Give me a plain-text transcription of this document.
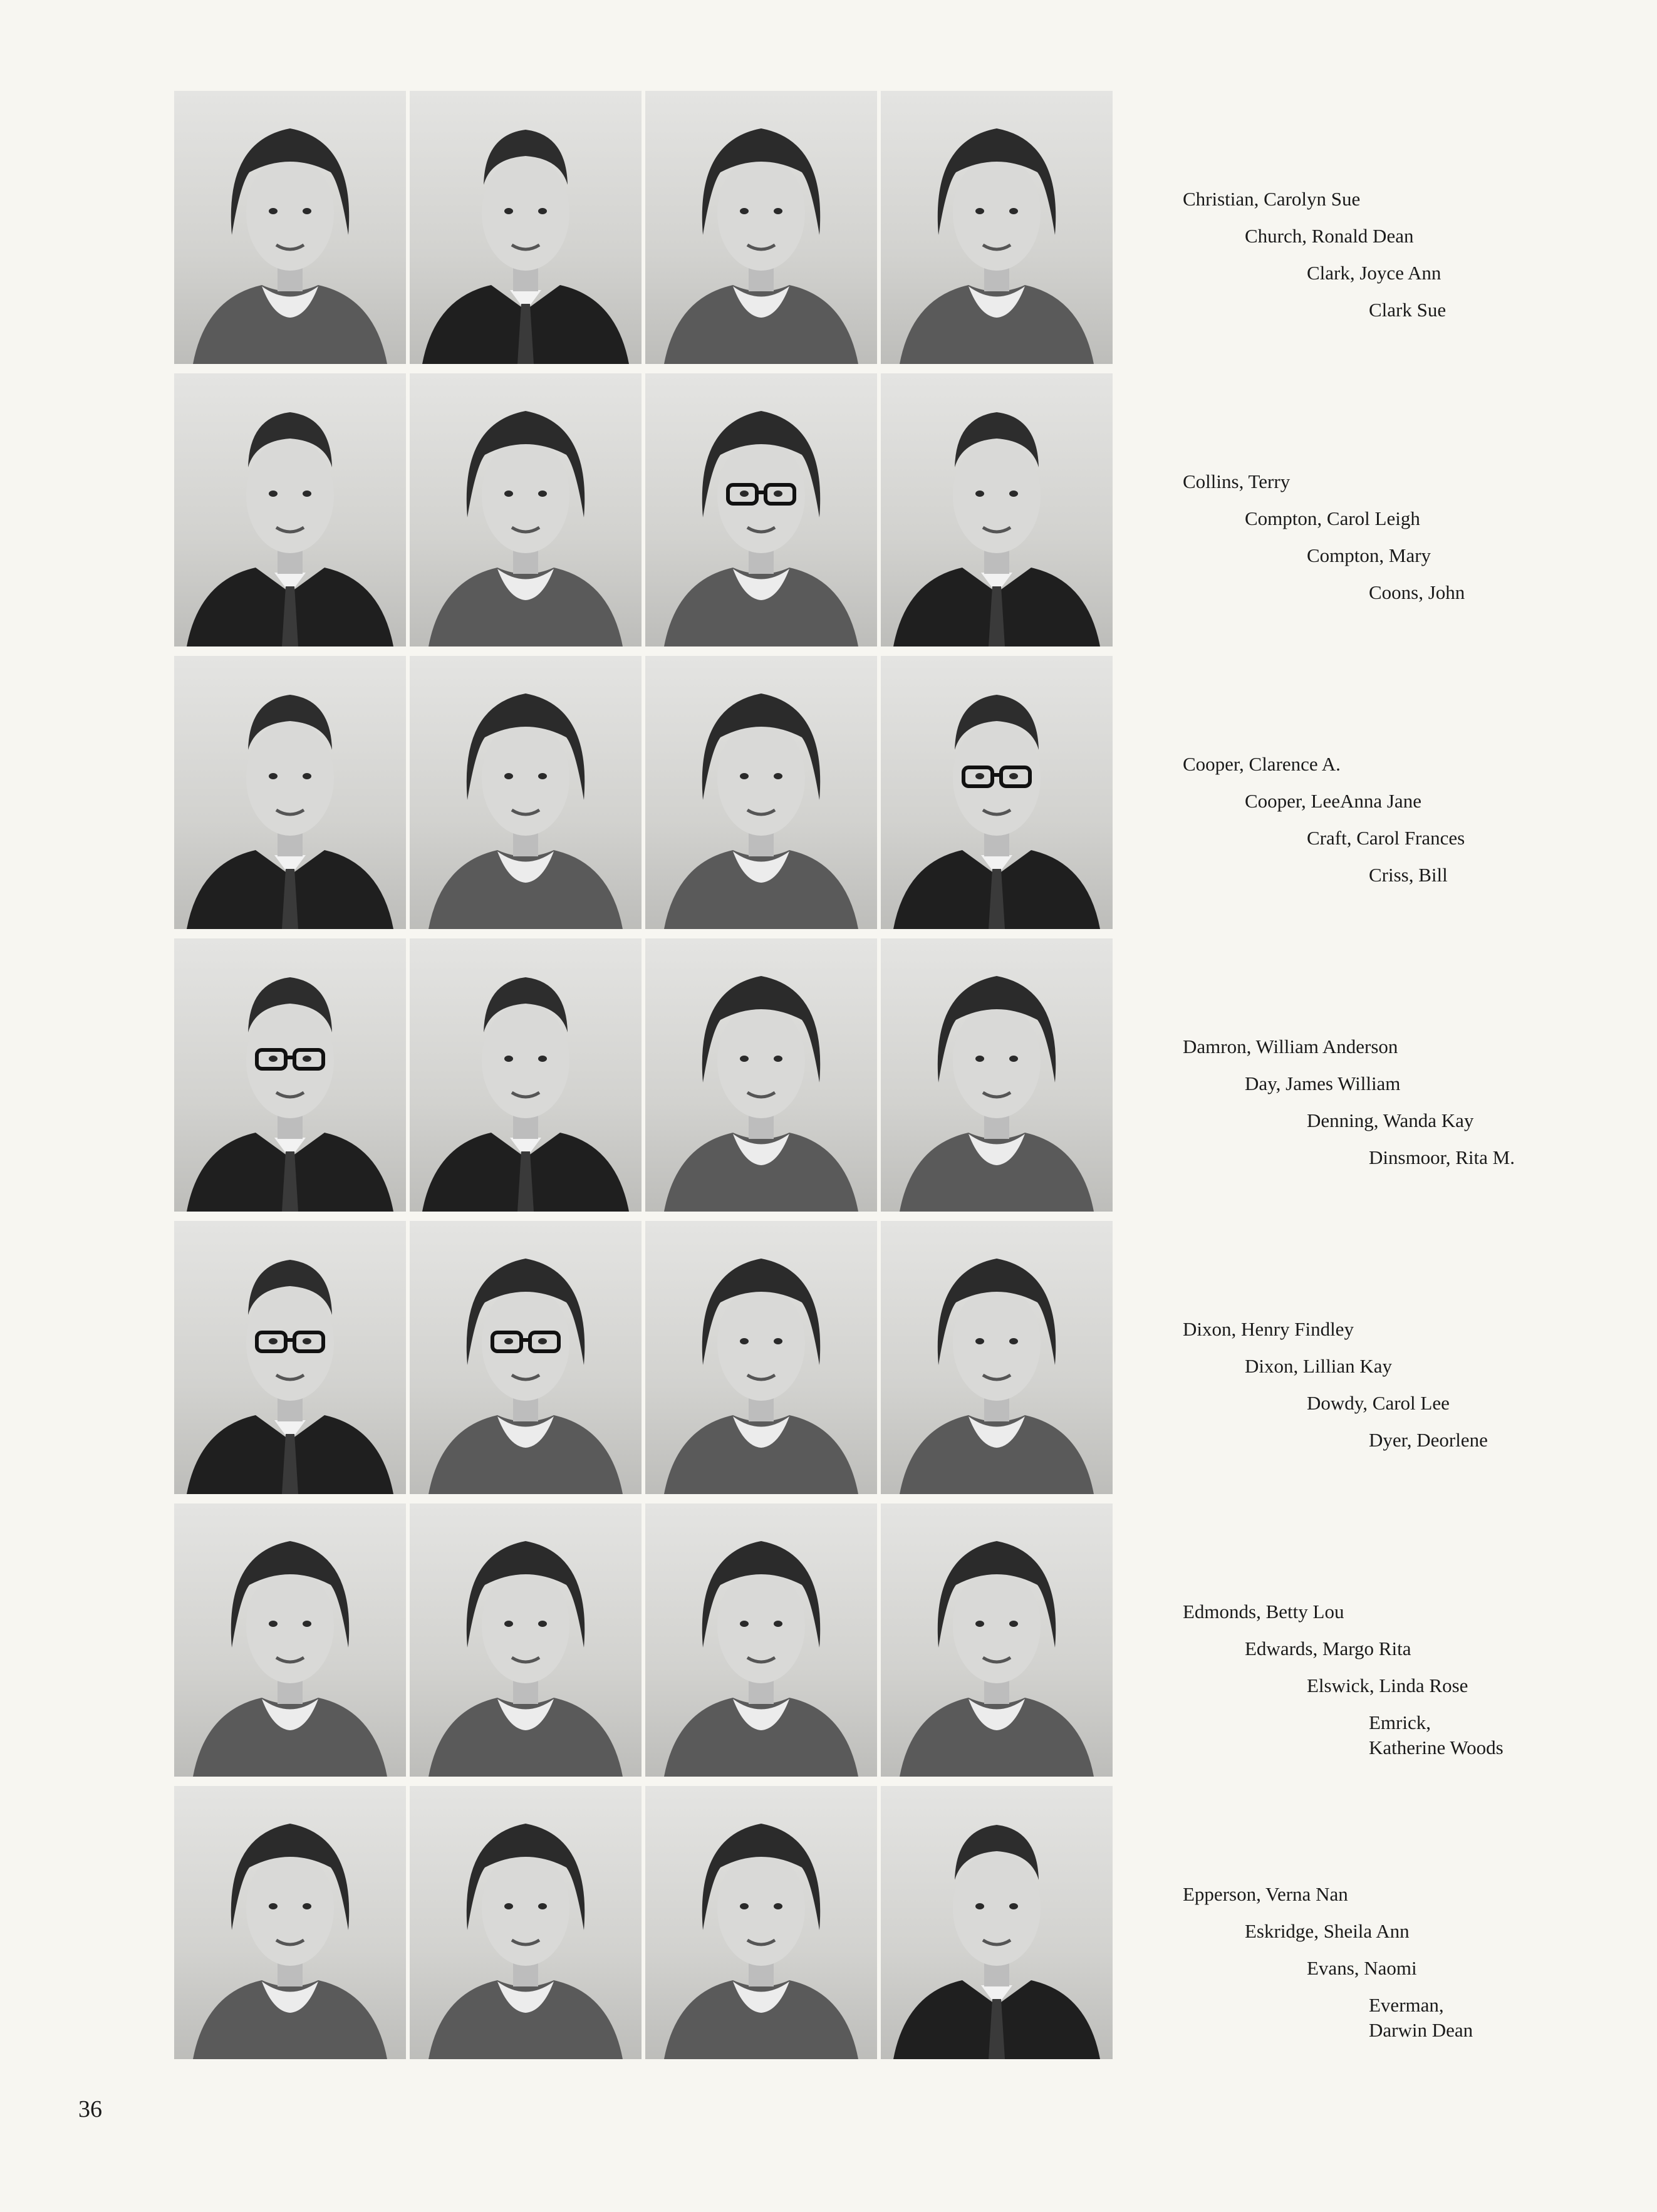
Christian, Carolyn Sue
Church, Ronald Dean
Clark, Joyce Ann
Clark Sue
Collins, Terry
Compton, Carol Leigh
Compton, Mary
Coons, John
Cooper, Clarence A.
Cooper, LeeAnna Jane
Craft, Carol Frances
Criss, Bill
Damron, William Anderson
Day, James William
Denning, Wanda Kay
Dinsmoor, Rita M.
Dixon, Henry Findley
Dixon, Lillian Kay
Dowdy, Carol Lee
Dyer, Deorlene
Edmonds, Betty Lou
Edwards, Margo Rita
Elswick, Linda Rose
Emrick,
Katherine Woods
Epperson, Verna Nan
Eskridge, Sheila Ann
Evans, Naomi
Everman,
Darwin Dean
36
